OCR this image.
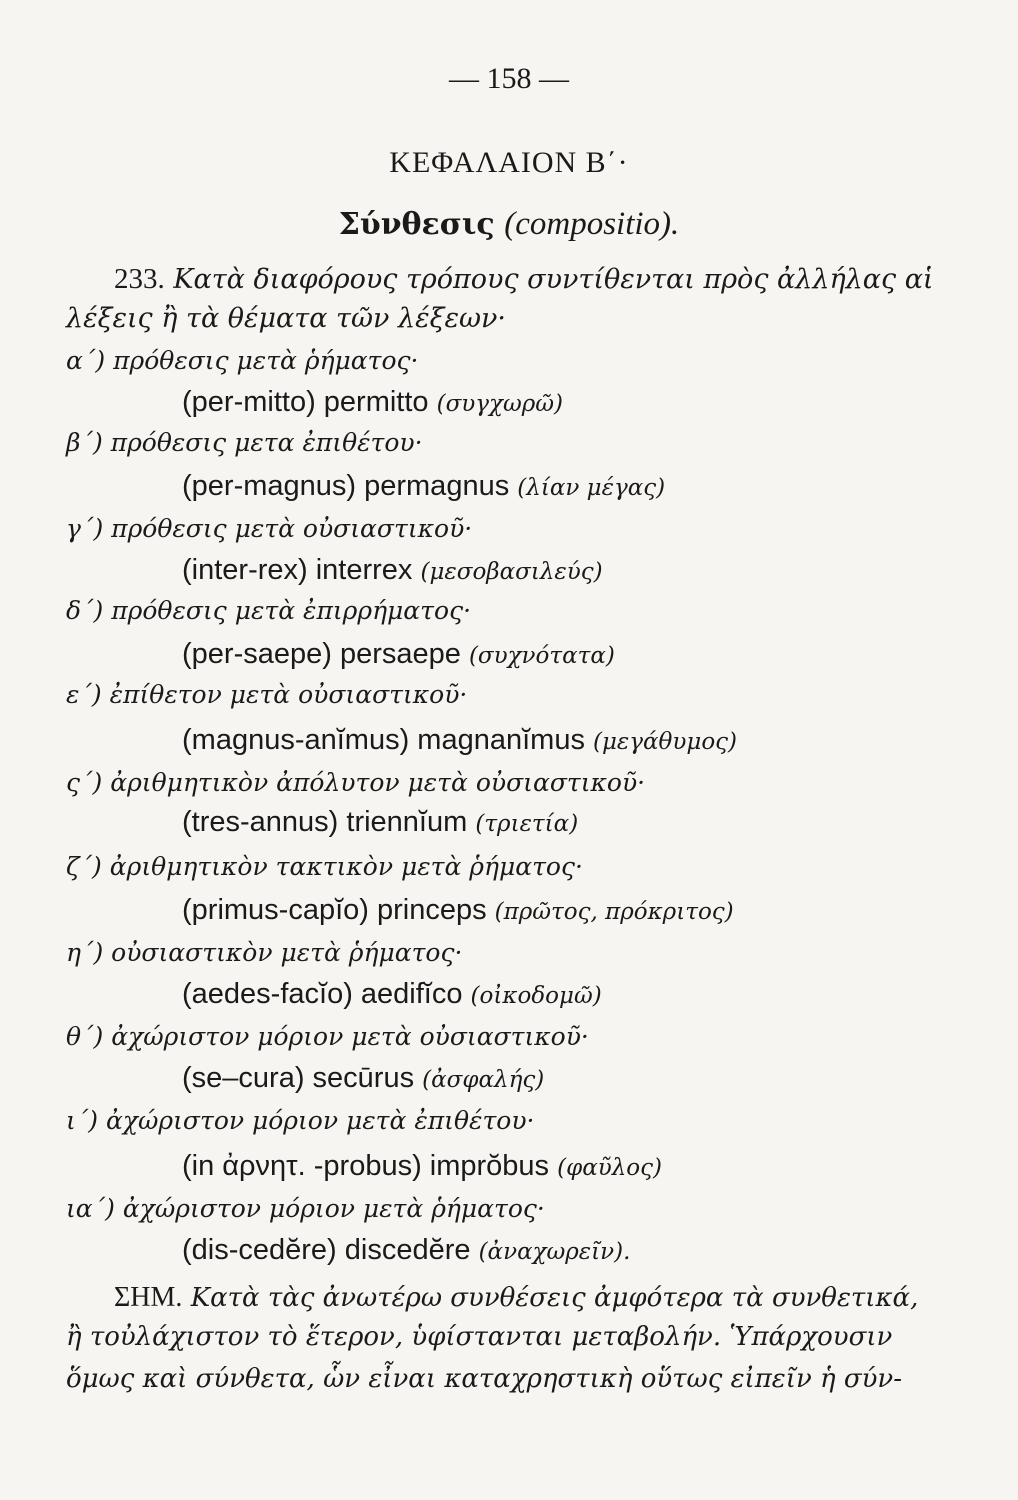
— 158 —
ΚΕΦΑΛΑΙΟΝ Β΄·
Σύνθεσις (compositio).
233. Κατὰ διαφόρους τρόπους συντίθενται πρὸς ἀλλήλας αἱ
λέξεις ἢ τὰ θέματα τῶν λέξεων·
α΄) πρόθεσις μετὰ ῥήματος·
(per-mitto) permitto (συγχωρῶ)
β΄) πρόθεσις μετα ἐπιθέτου·
(per-magnus) permagnus (λίαν μέγας)
γ΄) πρόθεσις μετὰ οὐσιαστικοῦ·
(inter-rex) interrex (μεσοβασιλεύς)
δ΄) πρόθεσις μετὰ ἐπιρρήματος·
(per-saepe) persaepe (συχνότατα)
ε΄) ἐπίθετον μετὰ οὐσιαστικοῦ·
(magnus-anĭmus) magnanĭmus (μεγάθυμος)
ς΄) ἀριθμητικὸν ἀπόλυτον μετὰ οὐσιαστικοῦ·
(tres-annus) triennĭum (τριετία)
ζ΄) ἀριθμητικὸν τακτικὸν μετὰ ῥήματος·
(primus-capĭo) princeps (πρῶτος, πρόκριτος)
η΄) οὐσιαστικὸν μετὰ ῥήματος·
(aedes-facĭo) aedifĭco (οἰκοδομῶ)
θ΄) ἀχώριστον μόριον μετὰ οὐσιαστικοῦ·
(se–cura) secūrus (ἀσφαλής)
ι΄) ἀχώριστον μόριον μετὰ ἐπιθέτου·
(in ἀρνητ. -probus) imprŏbus (φαῦλος)
ια΄) ἀχώριστον μόριον μετὰ ῥήματος·
(dis-cedĕre) discedĕre (ἀναχωρεῖν).
ΣΗΜ. Κατὰ τὰς ἀνωτέρω συνθέσεις ἀμφότερα τὰ συνθετικά,
ἢ τοὐλάχιστον τὸ ἕτερον, ὑφίστανται μεταβολήν. Ὑπάρχουσιν
ὅμως καὶ σύνθετα, ὧν εἶναι καταχρηστικὴ οὕτως εἰπεῖν ἡ σύν-
